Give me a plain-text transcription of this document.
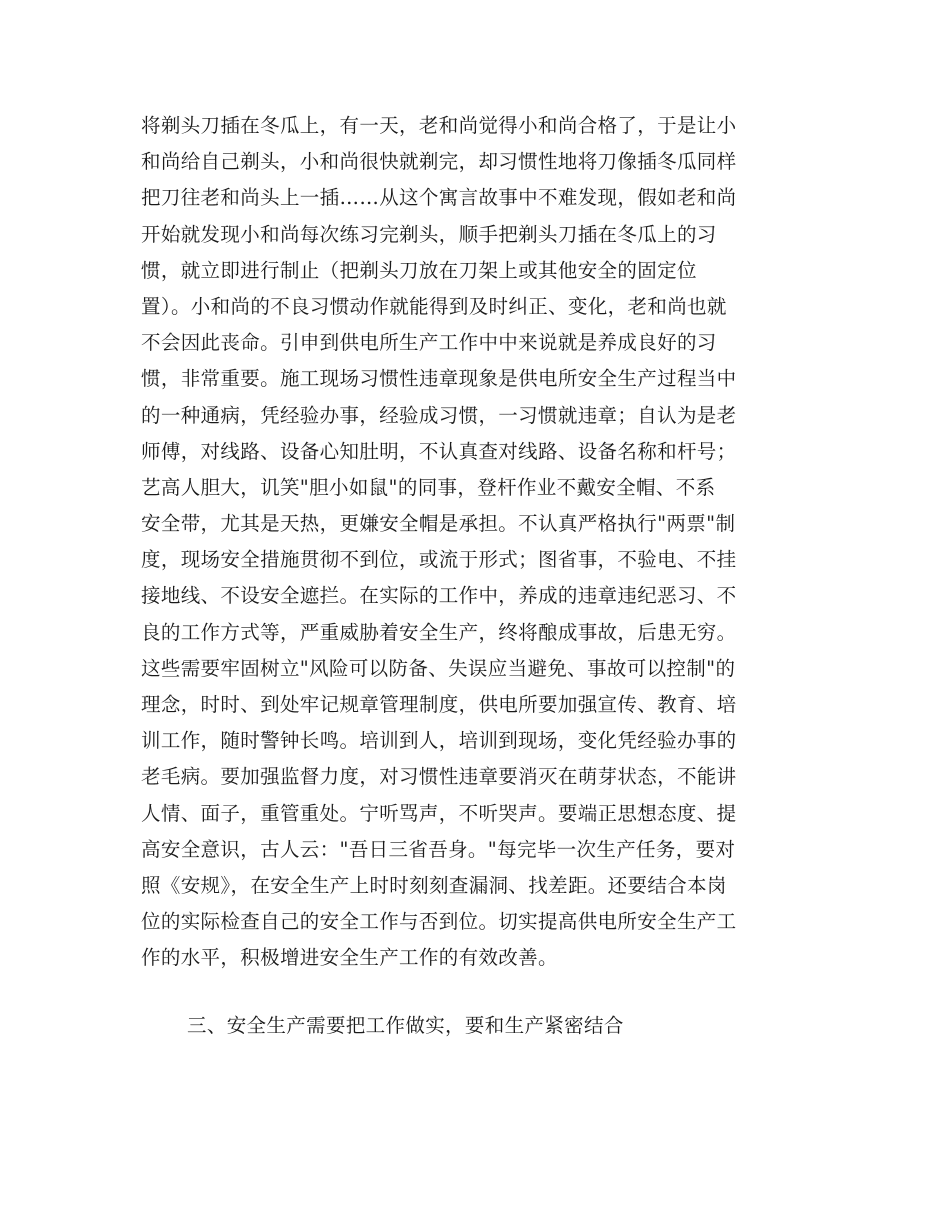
将剃头刀插在冬瓜上，有一天，老和尚觉得小和尚合格了，于是让小
和尚给自己剃头，小和尚很快就剃完，却习惯性地将刀像插冬瓜同样
把刀往老和尚头上一插……从这个寓言故事中不难发现，假如老和尚
开始就发现小和尚每次练习完剃头，顺手把剃头刀插在冬瓜上的习
惯，就立即进行制止（把剃头刀放在刀架上或其他安全的固定位
置）。小和尚的不良习惯动作就能得到及时纠正、变化，老和尚也就
不会因此丧命。引申到供电所生产工作中中来说就是养成良好的习
惯，非常重要。施工现场习惯性违章现象是供电所安全生产过程当中
的一种通病，凭经验办事，经验成习惯，一习惯就违章；自认为是老
师傅，对线路、设备心知肚明，不认真查对线路、设备名称和杆号；
艺高人胆大，讥笑"胆小如鼠"的同事，登杆作业不戴安全帽、不系
安全带，尤其是天热，更嫌安全帽是承担。不认真严格执行"两票"制
度，现场安全措施贯彻不到位，或流于形式；图省事，不验电、不挂
接地线、不设安全遮拦。在实际的工作中，养成的违章违纪恶习、不
良的工作方式等，严重威胁着安全生产，终将酿成事故，后患无穷。
这些需要牢固树立"风险可以防备、失误应当避免、事故可以控制"的
理念，时时、到处牢记规章管理制度，供电所要加强宣传、教育、培
训工作，随时警钟长鸣。培训到人，培训到现场，变化凭经验办事的
老毛病。要加强监督力度，对习惯性违章要消灭在萌芽状态，不能讲
人情、面子，重管重处。宁听骂声，不听哭声。要端正思想态度、提
高安全意识，古人云："吾日三省吾身。"每完毕一次生产任务，要对
照《安规》，在安全生产上时时刻刻查漏洞、找差距。还要结合本岗
位的实际检查自己的安全工作与否到位。切实提高供电所安全生产工
作的水平，积极增进安全生产工作的有效改善。
三、安全生产需要把工作做实，要和生产紧密结合
